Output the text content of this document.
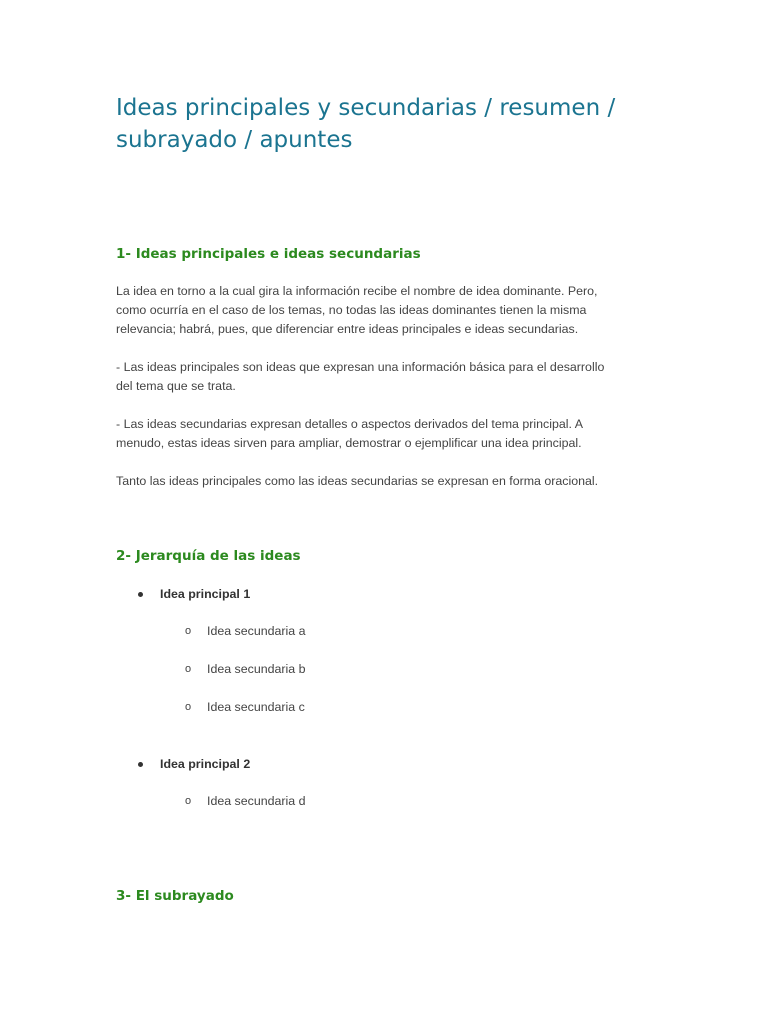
Ideas principales y secundarias / resumen /
subrayado / apuntes
1- Ideas principales e ideas secundarias

La idea en torno a la cual gira la información recibe el nombre de idea dominante. Pero,
como ocurría en el caso de los temas, no todas las ideas dominantes tienen la misma
relevancia; habrá, pues, que diferenciar entre ideas principales e ideas secundarias.

- Las ideas principales son ideas que expresan una información básica para el desarrollo
del tema que se trata.

- Las ideas secundarias expresan detalles o aspectos derivados del tema principal. A
menudo, estas ideas sirven para ampliar, demostrar o ejemplificar una idea principal.

Tanto las ideas principales como las ideas secundarias se expresan en forma oracional.

2- Jerarquía de las ideas
Idea principal 1
o	Idea secundaria a
o	Idea secundaria b
o	Idea secundaria c
Idea principal 2
o	Idea secundaria d
3- El subrayado
